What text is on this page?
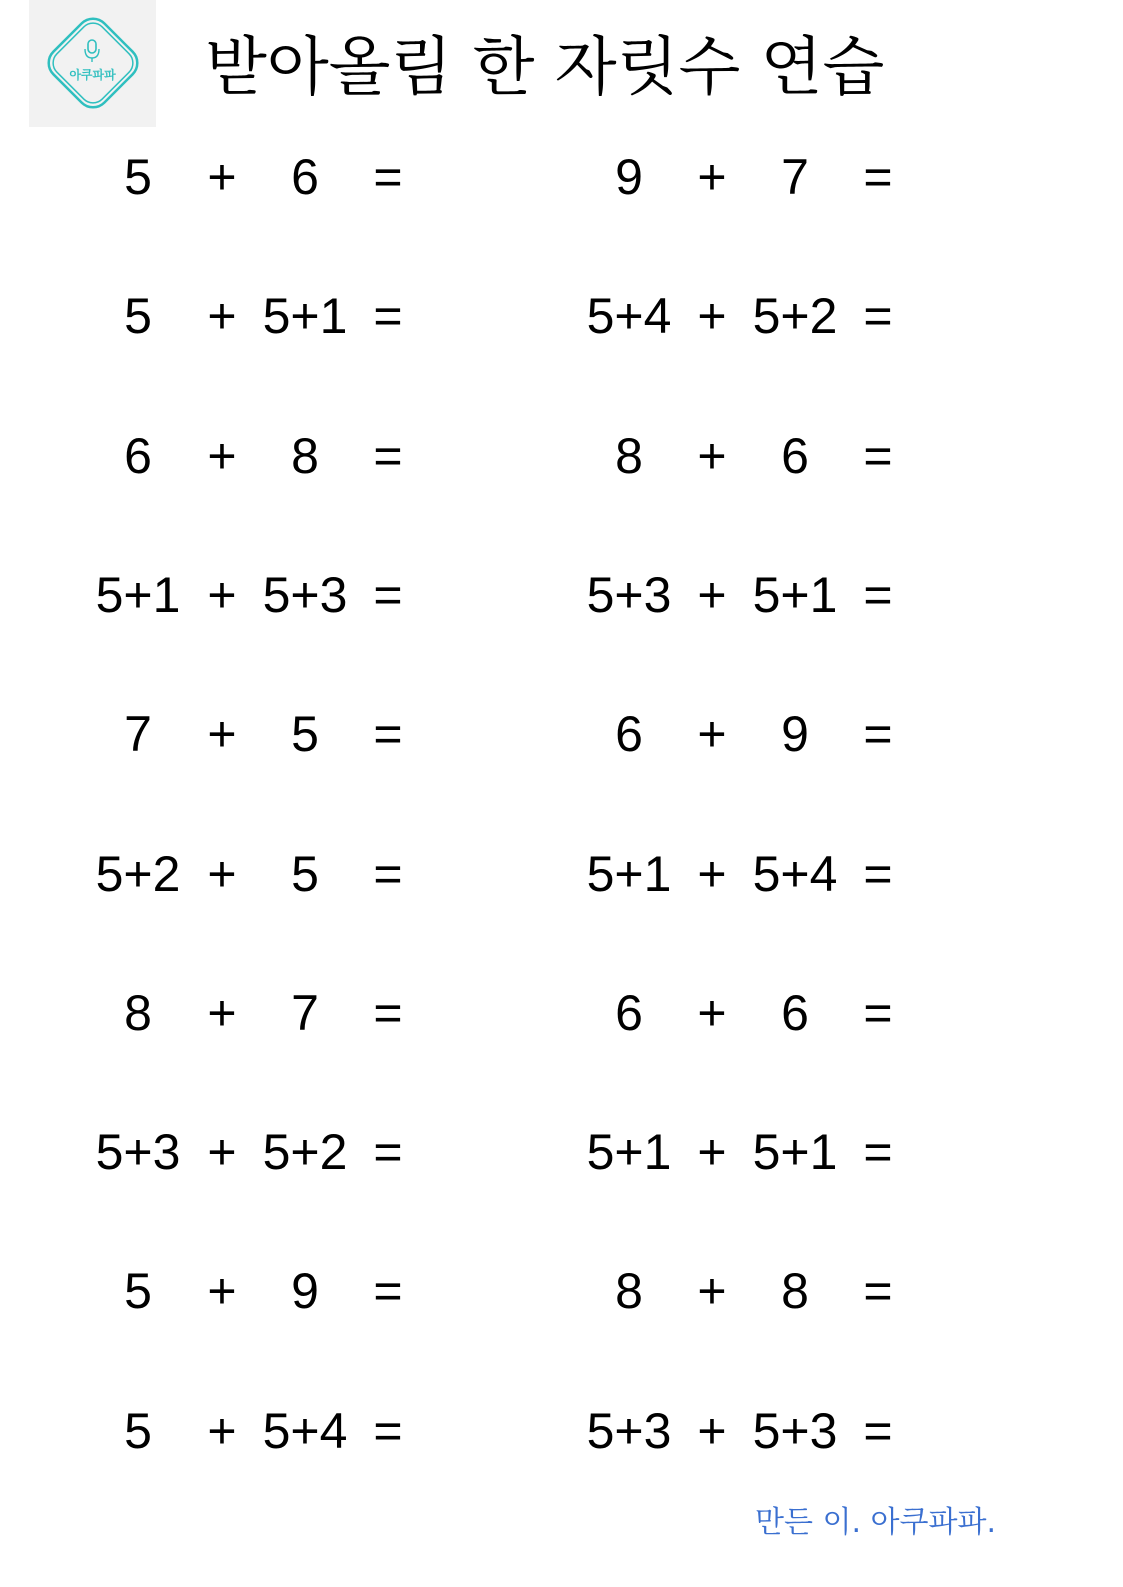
아쿠파파	받아올림 한 자릿수 연습
5	+	6	=	9	+	7	=
5	+ 5+1 =	5+4 + 5+2 =
6	+	8	=	8	+	6	=
5+1 + 5+3 =	5+3 + 5+1 =
7	+	5	=	6	+	9	=
5+2 +	5	=	5+1 + 5+4 =
8	+	7	=	6	+	6	=
5+3 + 5+2 =	5+1 + 5+1 =
5	+	9	=	8	+	8	=
5	+ 5+4 =	5+3 + 5+3 =
만든 이. 아쿠파파.
